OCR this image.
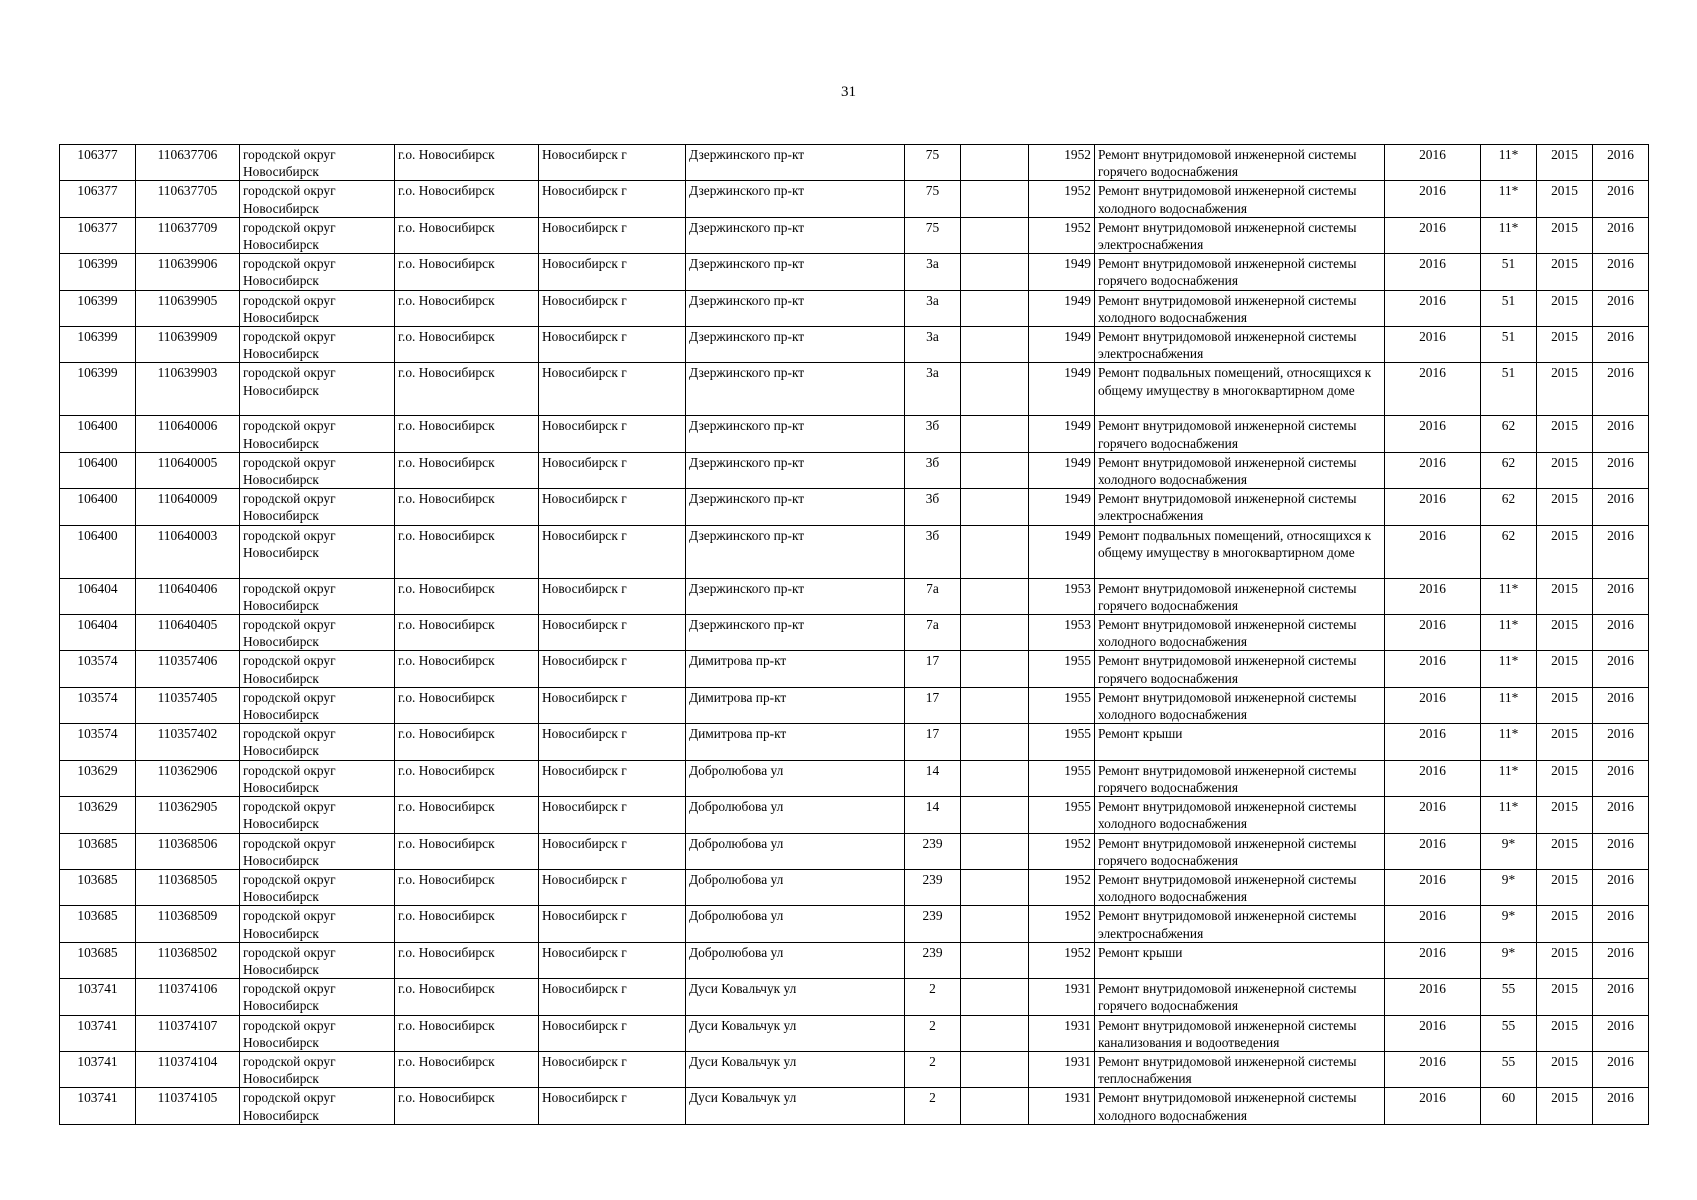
31
106377	110637706	городской округ Новосибирск	г.о. Новосибирск	Новосибирск г	Дзержинского пр-кт	75		1952	Ремонт внутридомовой инженерной системы горячего водоснабжения	2016	11*	2015	2016
106377	110637705	городской округ Новосибирск	г.о. Новосибирск	Новосибирск г	Дзержинского пр-кт	75		1952	Ремонт внутридомовой инженерной системы холодного водоснабжения	2016	11*	2015	2016
106377	110637709	городской округ Новосибирск	г.о. Новосибирск	Новосибирск г	Дзержинского пр-кт	75		1952	Ремонт внутридомовой инженерной системы электроснабжения	2016	11*	2015	2016
106399	110639906	городской округ Новосибирск	г.о. Новосибирск	Новосибирск г	Дзержинского пр-кт	3а		1949	Ремонт внутридомовой инженерной системы горячего водоснабжения	2016	51	2015	2016
106399	110639905	городской округ Новосибирск	г.о. Новосибирск	Новосибирск г	Дзержинского пр-кт	3а		1949	Ремонт внутридомовой инженерной системы холодного водоснабжения	2016	51	2015	2016
106399	110639909	городской округ Новосибирск	г.о. Новосибирск	Новосибирск г	Дзержинского пр-кт	3а		1949	Ремонт внутридомовой инженерной системы электроснабжения	2016	51	2015	2016
106399	110639903	городской округ Новосибирск	г.о. Новосибирск	Новосибирск г	Дзержинского пр-кт	3а		1949	Ремонт подвальных помещений, относящихся к общему имуществу в многоквартирном доме	2016	51	2015	2016
106400	110640006	городской округ Новосибирск	г.о. Новосибирск	Новосибирск г	Дзержинского пр-кт	3б		1949	Ремонт внутридомовой инженерной системы горячего водоснабжения	2016	62	2015	2016
106400	110640005	городской округ Новосибирск	г.о. Новосибирск	Новосибирск г	Дзержинского пр-кт	3б		1949	Ремонт внутридомовой инженерной системы холодного водоснабжения	2016	62	2015	2016
106400	110640009	городской округ Новосибирск	г.о. Новосибирск	Новосибирск г	Дзержинского пр-кт	3б		1949	Ремонт внутридомовой инженерной системы электроснабжения	2016	62	2015	2016
106400	110640003	городской округ Новосибирск	г.о. Новосибирск	Новосибирск г	Дзержинского пр-кт	3б		1949	Ремонт подвальных помещений, относящихся к общему имуществу в многоквартирном доме	2016	62	2015	2016
106404	110640406	городской округ Новосибирск	г.о. Новосибирск	Новосибирск г	Дзержинского пр-кт	7а		1953	Ремонт внутридомовой инженерной системы горячего водоснабжения	2016	11*	2015	2016
106404	110640405	городской округ Новосибирск	г.о. Новосибирск	Новосибирск г	Дзержинского пр-кт	7а		1953	Ремонт внутридомовой инженерной системы холодного водоснабжения	2016	11*	2015	2016
103574	110357406	городской округ Новосибирск	г.о. Новосибирск	Новосибирск г	Димитрова пр-кт	17		1955	Ремонт внутридомовой инженерной системы горячего водоснабжения	2016	11*	2015	2016
103574	110357405	городской округ Новосибирск	г.о. Новосибирск	Новосибирск г	Димитрова пр-кт	17		1955	Ремонт внутридомовой инженерной системы холодного водоснабжения	2016	11*	2015	2016
103574	110357402	городской округ Новосибирск	г.о. Новосибирск	Новосибирск г	Димитрова пр-кт	17		1955	Ремонт крыши	2016	11*	2015	2016
103629	110362906	городской округ Новосибирск	г.о. Новосибирск	Новосибирск г	Добролюбова ул	14		1955	Ремонт внутридомовой инженерной системы горячего водоснабжения	2016	11*	2015	2016
103629	110362905	городской округ Новосибирск	г.о. Новосибирск	Новосибирск г	Добролюбова ул	14		1955	Ремонт внутридомовой инженерной системы холодного водоснабжения	2016	11*	2015	2016
103685	110368506	городской округ Новосибирск	г.о. Новосибирск	Новосибирск г	Добролюбова ул	239		1952	Ремонт внутридомовой инженерной системы горячего водоснабжения	2016	9*	2015	2016
103685	110368505	городской округ Новосибирск	г.о. Новосибирск	Новосибирск г	Добролюбова ул	239		1952	Ремонт внутридомовой инженерной системы холодного водоснабжения	2016	9*	2015	2016
103685	110368509	городской округ Новосибирск	г.о. Новосибирск	Новосибирск г	Добролюбова ул	239		1952	Ремонт внутридомовой инженерной системы электроснабжения	2016	9*	2015	2016
103685	110368502	городской округ Новосибирск	г.о. Новосибирск	Новосибирск г	Добролюбова ул	239		1952	Ремонт крыши	2016	9*	2015	2016
103741	110374106	городской округ Новосибирск	г.о. Новосибирск	Новосибирск г	Дуси Ковальчук ул	2		1931	Ремонт внутридомовой инженерной системы горячего водоснабжения	2016	55	2015	2016
103741	110374107	городской округ Новосибирск	г.о. Новосибирск	Новосибирск г	Дуси Ковальчук ул	2		1931	Ремонт внутридомовой инженерной системы канализования и водоотведения	2016	55	2015	2016
103741	110374104	городской округ Новосибирск	г.о. Новосибирск	Новосибирск г	Дуси Ковальчук ул	2		1931	Ремонт внутридомовой инженерной системы теплоснабжения	2016	55	2015	2016
103741	110374105	городской округ Новосибирск	г.о. Новосибирск	Новосибирск г	Дуси Ковальчук ул	2		1931	Ремонт внутридомовой инженерной системы холодного водоснабжения	2016	60	2015	2016
